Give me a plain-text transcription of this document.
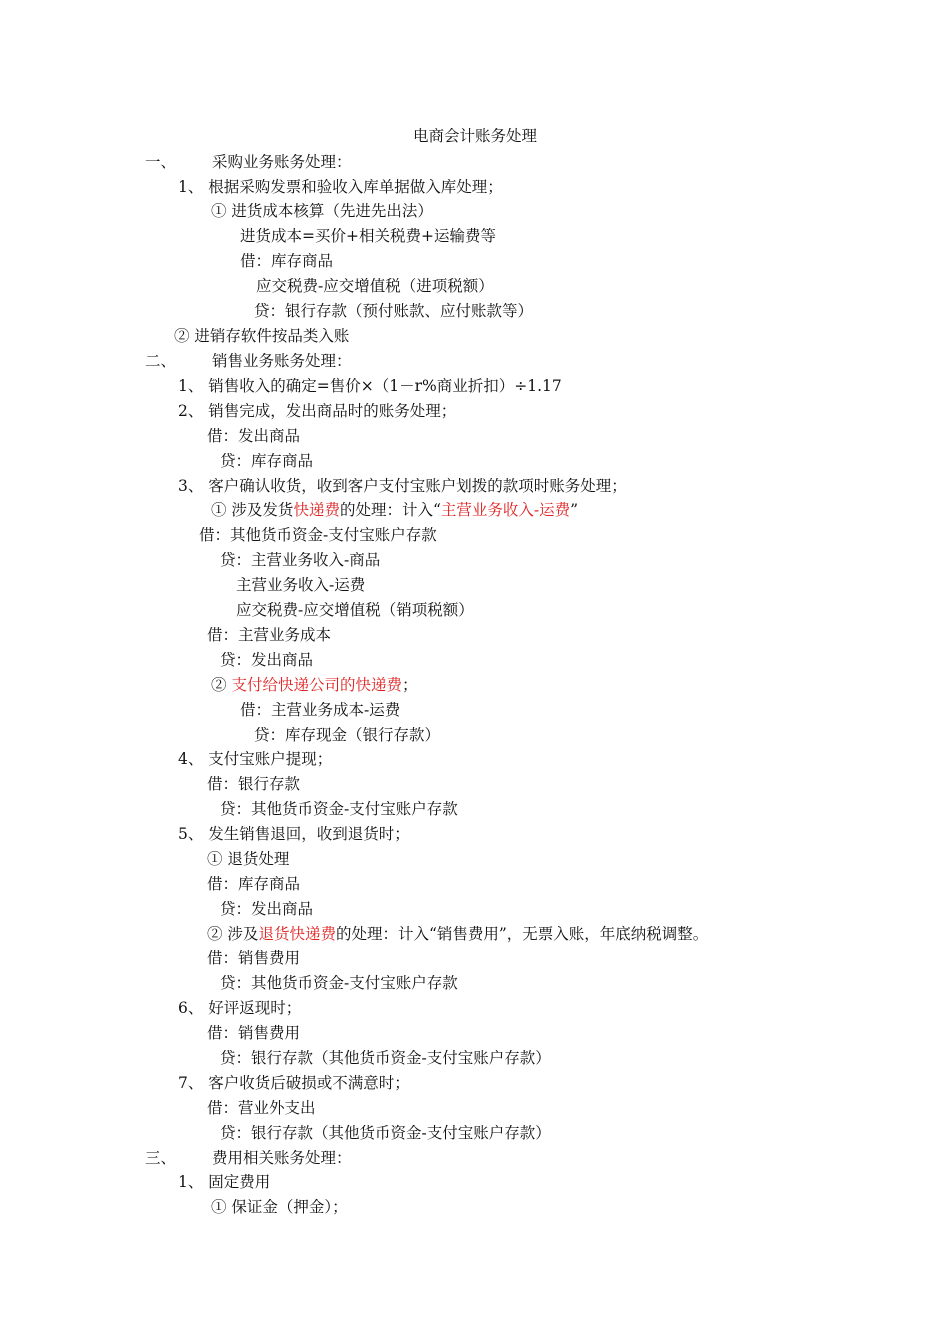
电商会计账务处理
一、 采购业务账务处理：
1、 根据采购发票和验收入库单据做入库处理；
① 进货成本核算（先进先出法）
进货成本=买价+相关税费+运输费等
借：库存商品
应交税费-应交增值税（进项税额）
贷：银行存款（预付账款、应付账款等）
② 进销存软件按品类入账
二、 销售业务账务处理：
1、 销售收入的确定=售价×（1－r%商业折扣）÷1.17
2、 销售完成，发出商品时的账务处理；
借：发出商品
贷：库存商品
3、 客户确认收货，收到客户支付宝账户划拨的款项时账务处理；
① 涉及发货快递费的处理：计入“主营业务收入-运费”
借：其他货币资金-支付宝账户存款
贷：主营业务收入-商品
主营业务收入-运费
应交税费-应交增值税（销项税额）
借：主营业务成本
贷：发出商品
② 支付给快递公司的快递费；
借：主营业务成本-运费
贷：库存现金（银行存款）
4、 支付宝账户提现；
借：银行存款
贷：其他货币资金-支付宝账户存款
5、 发生销售退回，收到退货时；
① 退货处理
借：库存商品
贷：发出商品
② 涉及退货快递费的处理：计入“销售费用”，无票入账，年底纳税调整。
借：销售费用
贷：其他货币资金-支付宝账户存款
6、 好评返现时；
借：销售费用
贷：银行存款（其他货币资金-支付宝账户存款）
7、 客户收货后破损或不满意时；
借：营业外支出
贷：银行存款（其他货币资金-支付宝账户存款）
三、 费用相关账务处理：
1、 固定费用
① 保证金（押金）；
